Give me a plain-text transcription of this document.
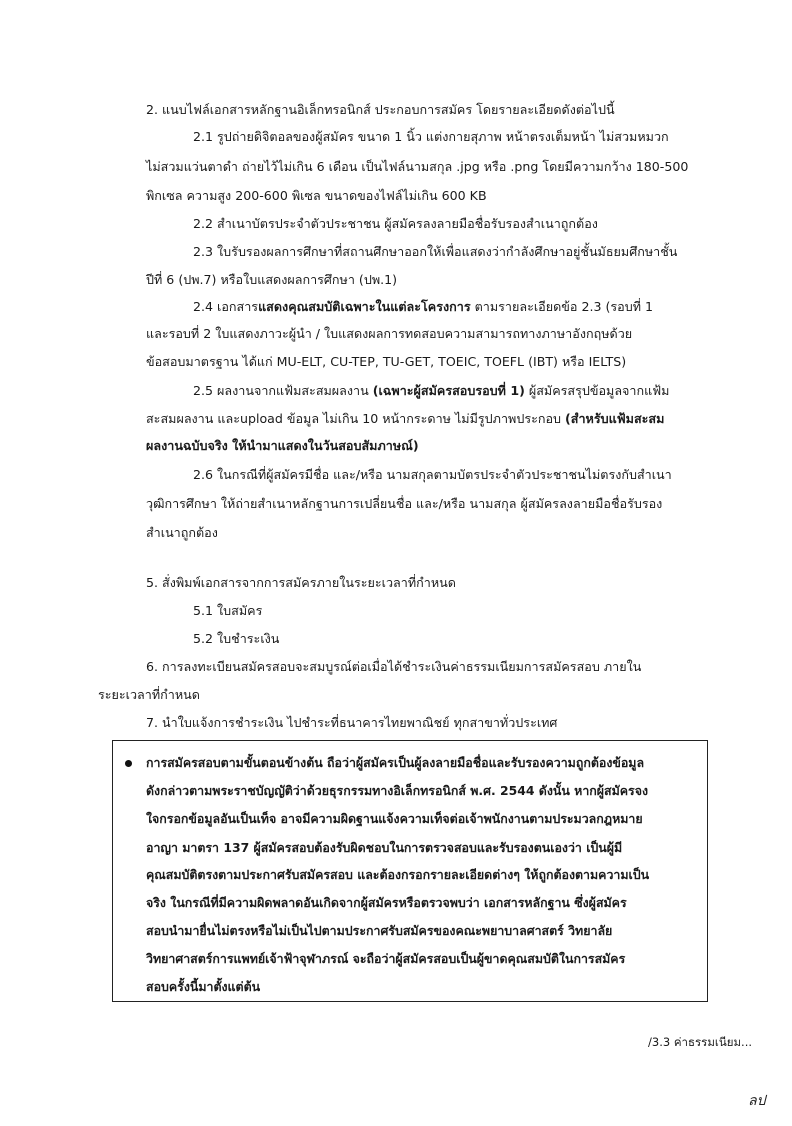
2. แนบไฟล์เอกสารหลักฐานอิเล็กทรอนิกส์ ประกอบการสมัคร โดยรายละเอียดดังต่อไปนี้
2.1 รูปถ่ายดิจิตอลของผู้สมัคร ขนาด 1 นิ้ว แต่งกายสุภาพ หน้าตรงเต็มหน้า ไม่สวมหมวก
ไม่สวมแว่นตาดำ ถ่ายไว้ไม่เกิน 6 เดือน เป็นไฟล์นามสกุล .jpg หรือ .png โดยมีความกว้าง 180-500
พิกเซล ความสูง 200-600 พิเซล ขนาดของไฟล์ไม่เกิน 600 KB
2.2 สำเนาบัตรประจำตัวประชาชน ผู้สมัครลงลายมือชื่อรับรองสำเนาถูกต้อง
2.3 ใบรับรองผลการศึกษาที่สถานศึกษาออกให้เพื่อแสดงว่ากำลังศึกษาอยู่ชั้นมัธยมศึกษาชั้น
ปีที่ 6 (ปพ.7) หรือใบแสดงผลการศึกษา (ปพ.1)
2.4 เอกสารแสดงคุณสมบัติเฉพาะในแต่ละโครงการ ตามรายละเอียดข้อ 2.3 (รอบที่ 1
และรอบที่ 2 ใบแสดงภาวะผู้นำ / ใบแสดงผลการทดสอบความสามารถทางภาษาอังกฤษด้วย
ข้อสอบมาตรฐาน ได้แก่ MU-ELT, CU-TEP, TU-GET, TOEIC, TOEFL (IBT) หรือ IELTS)
2.5 ผลงานจากแฟ้มสะสมผลงาน (เฉพาะผู้สมัครสอบรอบที่ 1) ผู้สมัครสรุปข้อมูลจากแฟ้ม
สะสมผลงาน และupload ข้อมูล ไม่เกิน 10 หน้ากระดาษ ไม่มีรูปภาพประกอบ (สำหรับแฟ้มสะสม
ผลงานฉบับจริง ให้นำมาแสดงในวันสอบสัมภาษณ์)
2.6 ในกรณีที่ผู้สมัครมีชื่อ และ/หรือ นามสกุลตามบัตรประจำตัวประชาชนไม่ตรงกับสำเนา
วุฒิการศึกษา ให้ถ่ายสำเนาหลักฐานการเปลี่ยนชื่อ และ/หรือ นามสกุล ผู้สมัครลงลายมือชื่อรับรอง
สำเนาถูกต้อง
5. สั่งพิมพ์เอกสารจากการสมัครภายในระยะเวลาที่กำหนด
5.1 ใบสมัคร
5.2 ใบชำระเงิน
6. การลงทะเบียนสมัครสอบจะสมบูรณ์ต่อเมื่อได้ชำระเงินค่าธรรมเนียมการสมัครสอบ ภายใน
ระยะเวลาที่กำหนด
7. นำใบแจ้งการชำระเงิน ไปชำระที่ธนาคารไทยพาณิชย์ ทุกสาขาทั่วประเทศ
การสมัครสอบตามขั้นตอนข้างต้น ถือว่าผู้สมัครเป็นผู้ลงลายมือชื่อและรับรองความถูกต้องข้อมูล
ดังกล่าวตามพระราชบัญญัติว่าด้วยธุรกรรมทางอิเล็กทรอนิกส์ พ.ศ. 2544 ดังนั้น หากผู้สมัครจง
ใจกรอกข้อมูลอันเป็นเท็จ อาจมีความผิดฐานแจ้งความเท็จต่อเจ้าพนักงานตามประมวลกฎหมาย
อาญา มาตรา 137 ผู้สมัครสอบต้องรับผิดชอบในการตรวจสอบและรับรองตนเองว่า เป็นผู้มี
คุณสมบัติตรงตามประกาศรับสมัครสอบ และต้องกรอกรายละเอียดต่างๆ ให้ถูกต้องตามความเป็น
จริง ในกรณีที่มีความผิดพลาดอันเกิดจากผู้สมัครหรือตรวจพบว่า เอกสารหลักฐาน ซึ่งผู้สมัคร
สอบนำมายื่นไม่ตรงหรือไม่เป็นไปตามประกาศรับสมัครของคณะพยาบาลศาสตร์ วิทยาลัย
วิทยาศาสตร์การแพทย์เจ้าฟ้าจุฬาภรณ์ จะถือว่าผู้สมัครสอบเป็นผู้ขาดคุณสมบัติในการสมัคร
สอบครั้งนี้มาตั้งแต่ต้น
/3.3 ค่าธรรมเนียม...
ลป
